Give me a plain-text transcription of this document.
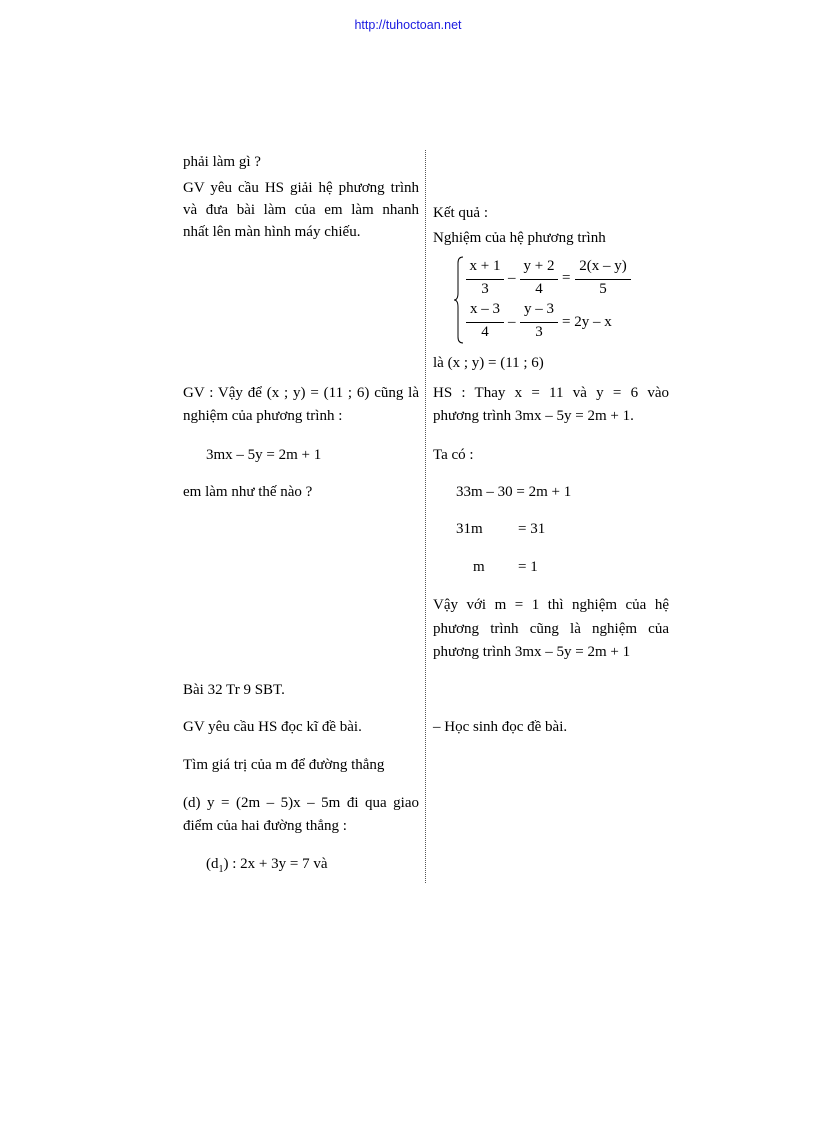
http://tuhoctoan.net
phải làm gì ?
GV yêu cầu HS giải hệ phương trình
và đưa bài làm của em làm nhanh
nhất lên màn hình máy chiếu.
GV : Vậy để (x ; y) = (11 ; 6) cũng là
nghiệm của phương trình :
3mx – 5y = 2m + 1
em làm như thế nào ?
Bài 32 Tr 9 SBT.
GV yêu cầu HS đọc kĩ đề bài.
Tìm giá trị của m để đường thẳng
(d) y = (2m – 5)x – 5m đi qua giao
điểm của hai đường thẳng :
$(d_1)$ : 2x + 3y = 7 và
Kết quả :
Nghiệm của hệ phương trình
x + 1
3
–
y + 2
4
=
2(x – y)
5
x – 3
4
–
y – 3
3
= 2y – x
là (x ; y) = (11 ; 6)
HS : Thay x = 11 và y = 6 vào
phương trình 3mx – 5y = 2m + 1.
Ta có :
33m – 30 = 2m + 1
31m = 31
m = 1
Vậy với m = 1 thì nghiệm của hệ
phương trình cũng là nghiệm của
phương trình 3mx – 5y = 2m + 1
– Học sinh đọc đề bài.
